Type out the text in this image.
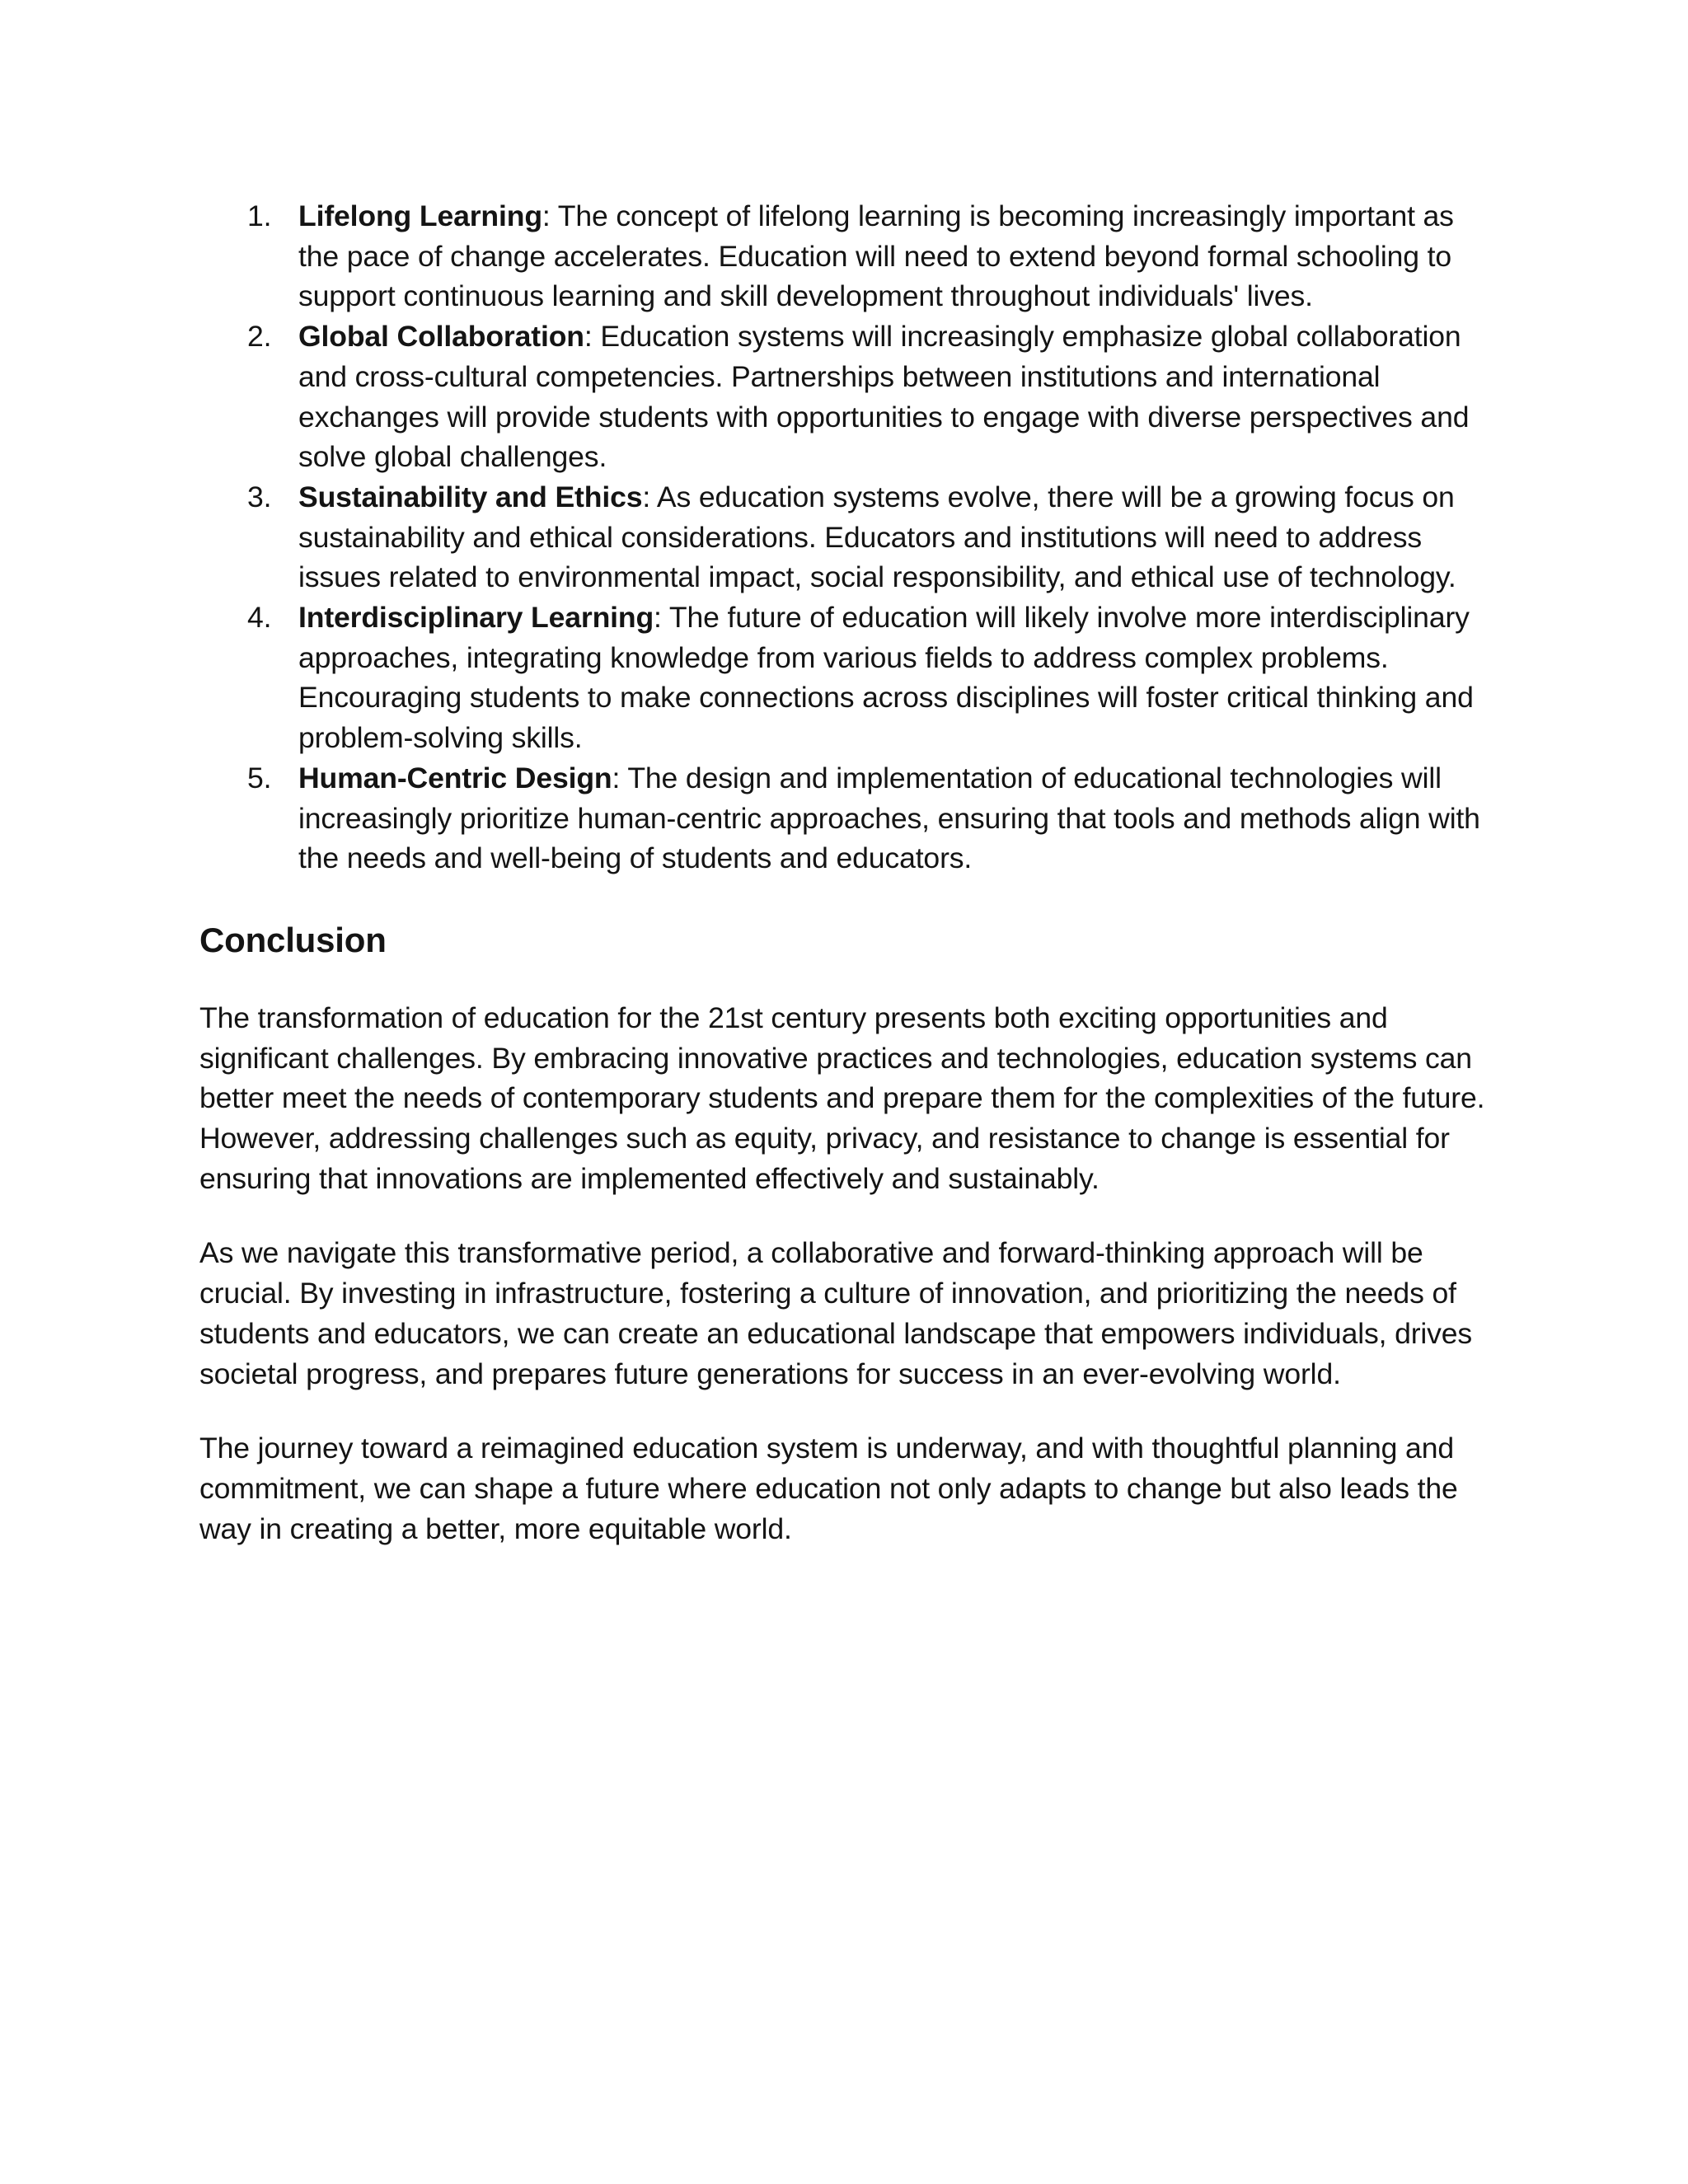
1. Lifelong Learning: The concept of lifelong learning is becoming increasingly important as the pace of change accelerates. Education will need to extend beyond formal schooling to support continuous learning and skill development throughout individuals' lives.
2. Global Collaboration: Education systems will increasingly emphasize global collaboration and cross-cultural competencies. Partnerships between institutions and international exchanges will provide students with opportunities to engage with diverse perspectives and solve global challenges.
3. Sustainability and Ethics: As education systems evolve, there will be a growing focus on sustainability and ethical considerations. Educators and institutions will need to address issues related to environmental impact, social responsibility, and ethical use of technology.
4. Interdisciplinary Learning: The future of education will likely involve more interdisciplinary approaches, integrating knowledge from various fields to address complex problems. Encouraging students to make connections across disciplines will foster critical thinking and problem-solving skills.
5. Human-Centric Design: The design and implementation of educational technologies will increasingly prioritize human-centric approaches, ensuring that tools and methods align with the needs and well-being of students and educators.
Conclusion

The transformation of education for the 21st century presents both exciting opportunities and significant challenges. By embracing innovative practices and technologies, education systems can better meet the needs of contemporary students and prepare them for the complexities of the future. However, addressing challenges such as equity, privacy, and resistance to change is essential for ensuring that innovations are implemented effectively and sustainably.

As we navigate this transformative period, a collaborative and forward-thinking approach will be crucial. By investing in infrastructure, fostering a culture of innovation, and prioritizing the needs of students and educators, we can create an educational landscape that empowers individuals, drives societal progress, and prepares future generations for success in an ever-evolving world.

The journey toward a reimagined education system is underway, and with thoughtful planning and commitment, we can shape a future where education not only adapts to change but also leads the way in creating a better, more equitable world.
